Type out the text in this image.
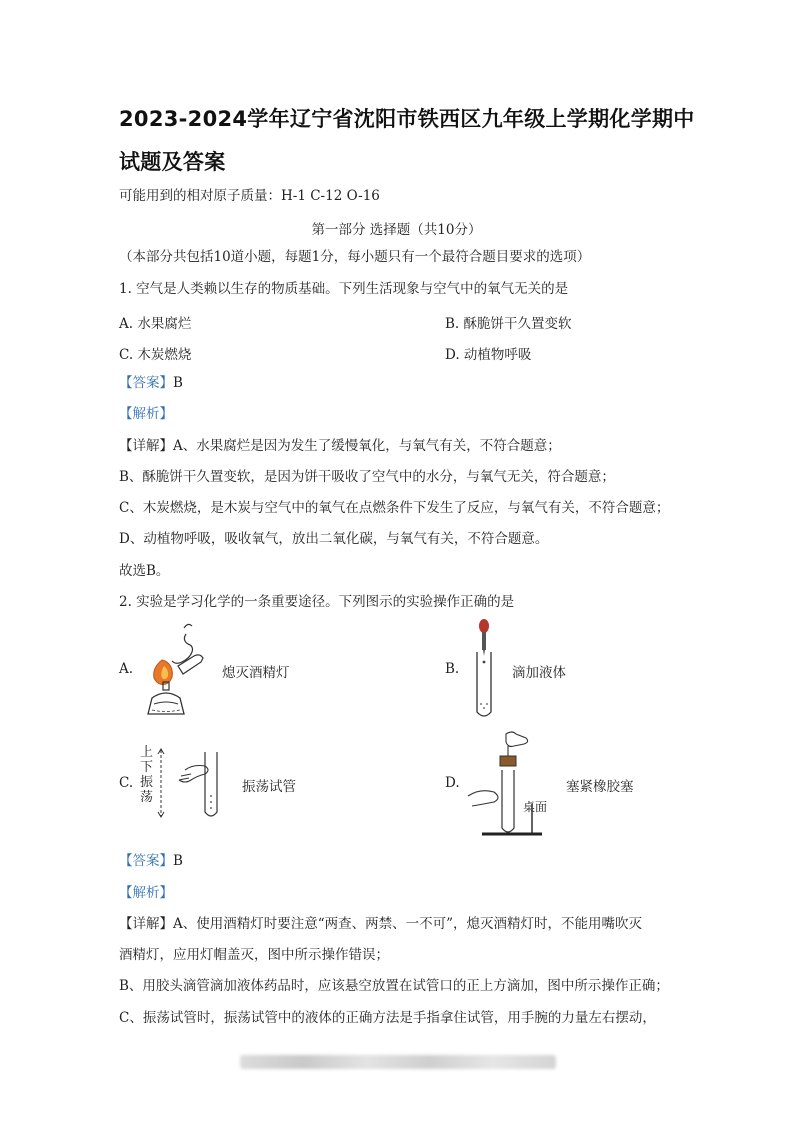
2023-2024学年辽宁省沈阳市铁西区九年级上学期化学期中
试题及答案
可能用到的相对原子质量：H-1 C-12 O-16
第一部分 选择题（共10分）
（本部分共包括10道小题，每题1分，每小题只有一个最符合题目要求的选项）
1. 空气是人类赖以生存的物质基础。下列生活现象与空气中的氧气无关的是
A. 水果腐烂	B. 酥脆饼干久置变软
C. 木炭燃烧	D. 动植物呼吸
【答案】B
【解析】
【详解】A、水果腐烂是因为发生了缓慢氧化，与氧气有关，不符合题意；
B、酥脆饼干久置变软，是因为饼干吸收了空气中的水分，与氧气无关，符合题意；
C、木炭燃烧，是木炭与空气中的氧气在点燃条件下发生了反应，与氧气有关，不符合题意；
D、动植物呼吸，吸收氧气，放出二氧化碳，与氧气有关，不符合题意。
故选B。
2. 实验是学习化学的一条重要途径。下列图示的实验操作正确的是
A.	熄灭酒精灯	B.	滴加液体
C.
上
下
振
荡
振荡试管	D.
桌面
塞紧橡胶塞
【答案】B
【解析】
【详解】A、使用酒精灯时要注意“两查、两禁、一不可”，熄灭酒精灯时，不能用嘴吹灭
酒精灯，应用灯帽盖灭，图中所示操作错误；
B、用胶头滴管滴加液体药品时，应该悬空放置在试管口的正上方滴加，图中所示操作正确；
C、振荡试管时，振荡试管中的液体的正确方法是手指拿住试管，用手腕的力量左右摆动，
